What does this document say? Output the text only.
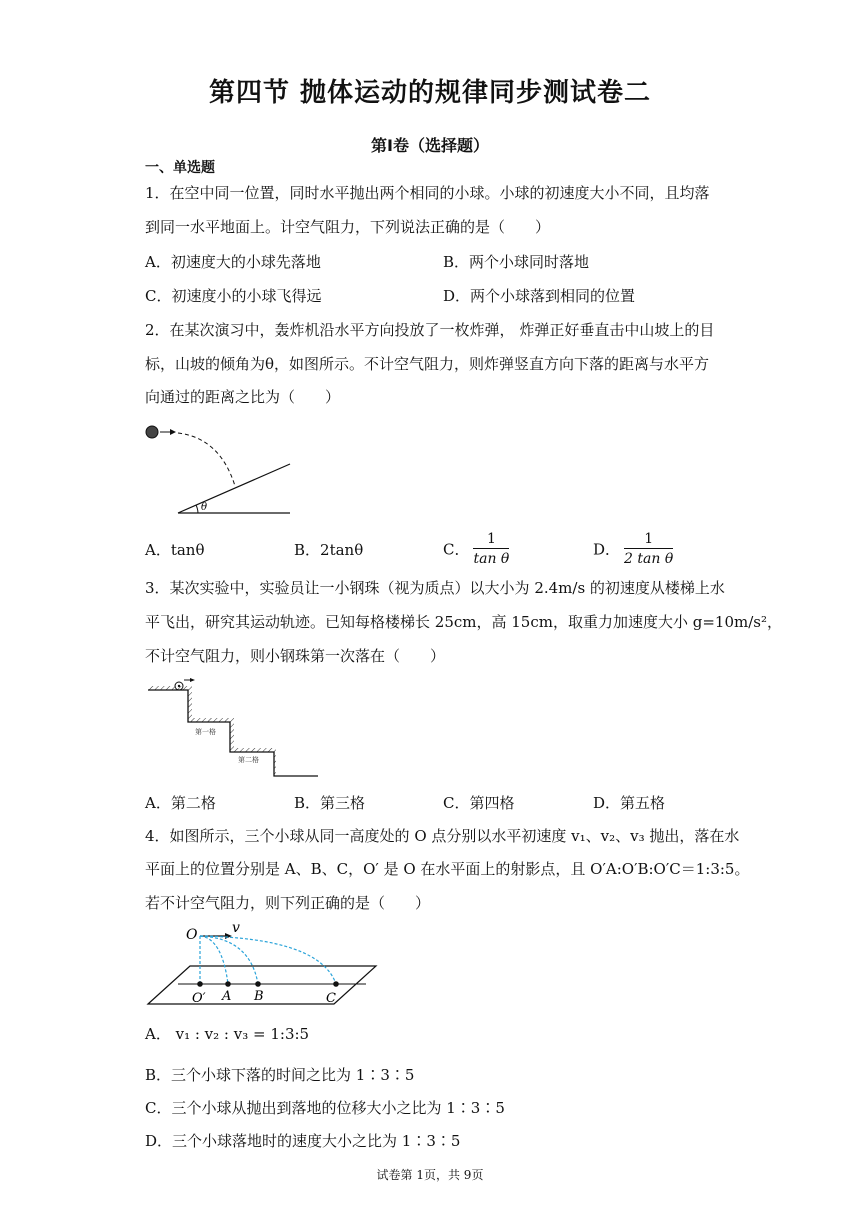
第四节 抛体运动的规律同步测试卷二
第Ⅰ卷（选择题）
一、单选题
1．在空中同一位置，同时水平抛出两个相同的小球。小球的初速度大小不同，且均落
到同一水平地面上。计空气阻力，下列说法正确的是（　　）
A．初速度大的小球先落地	B．两个小球同时落地
C．初速度小的小球飞得远	D．两个小球落到相同的位置
2．在某次演习中，轰炸机沿水平方向投放了一枚炸弹， 炸弹正好垂直击中山坡上的目
标，山坡的倾角为θ，如图所示。不计空气阻力，则炸弹竖直方向下落的距离与水平方
向通过的距离之比为（　　）
θ
A．tanθ	B．2tanθ	C． $\frac{1}{\text{tan θ}}$	D． $\frac{1}{\text{2 tan θ}}$
3．某次实验中，实验员让一小钢珠（视为质点）以大小为 2.4m/s 的初速度从楼梯上水
平飞出，研究其运动轨迹。已知每格楼梯长 25cm，高 15cm，取重力加速度大小 g=10m/s²，
不计空气阻力，则小钢珠第一次落在（　　）
第一格
第二格
A．第二格	B．第三格	C．第四格	D．第五格
4．如图所示，三个小球从同一高度处的 O 点分别以水平初速度 v₁、v₂、v₃ 抛出，落在水
平面上的位置分别是 A、B、C，O′ 是 O 在水平面上的射影点，且 O′A:O′B:O′C＝1:3:5。
若不计空气阻力，则下列正确的是（　　）
O v
O′ A B	C
A． v₁ : v₂ : v₃ = 1:3:5
B．三个小球下落的时间之比为 1∶3∶5
C．三个小球从抛出到落地的位移大小之比为 1∶3∶5
D．三个小球落地时的速度大小之比为 1∶3∶5
试卷第 1页，共 9页
